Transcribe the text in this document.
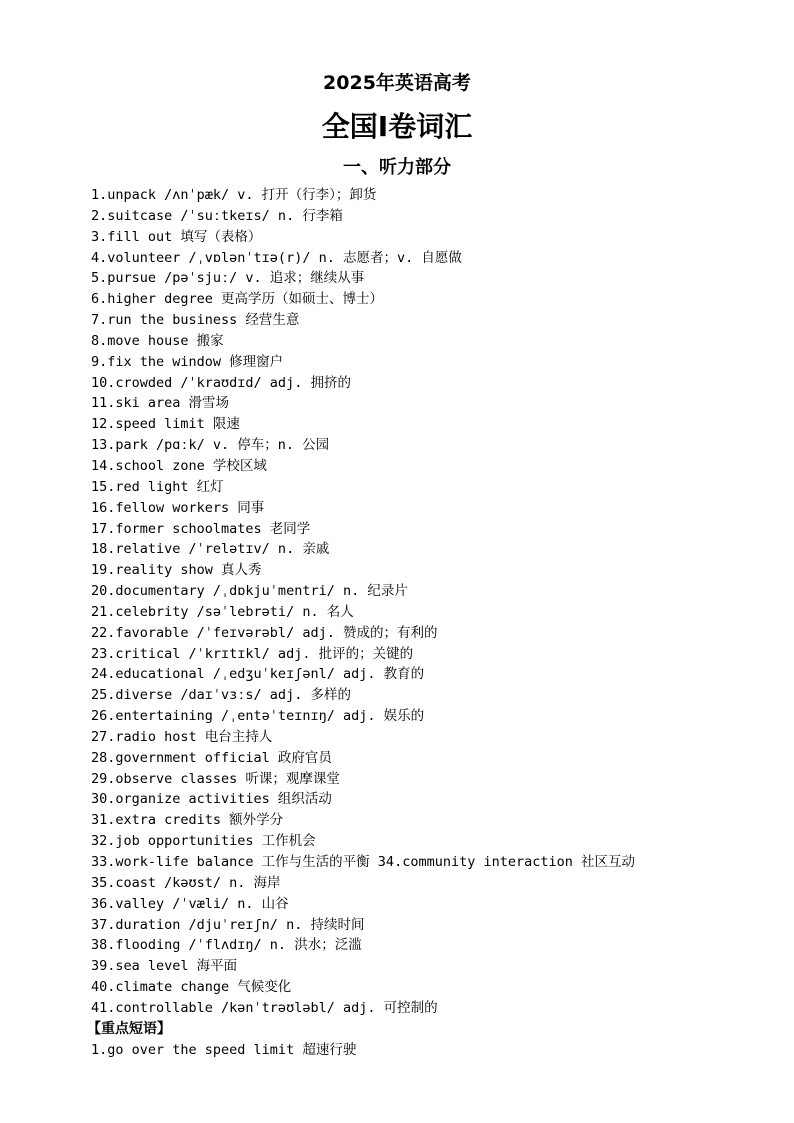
2025年英语高考
全国Ⅰ卷词汇
一、听力部分
1.unpack /ʌnˈpæk/ v. 打开（行李）；卸货
2.suitcase /ˈsuːtkeɪs/ n. 行李箱
3.fill out 填写（表格）
4.volunteer /ˌvɒlənˈtɪə(r)/ n. 志愿者；v. 自愿做
5.pursue /pəˈsjuː/ v. 追求；继续从事
6.higher degree 更高学历（如硕士、博士）
7.run the business 经营生意
8.move house 搬家
9.fix the window 修理窗户
10.crowded /ˈkraʊdɪd/ adj. 拥挤的
11.ski area 滑雪场
12.speed limit 限速
13.park /pɑːk/ v. 停车；n. 公园
14.school zone 学校区域
15.red light 红灯
16.fellow workers 同事
17.former schoolmates 老同学
18.relative /ˈrelətɪv/ n. 亲戚
19.reality show 真人秀
20.documentary /ˌdɒkjuˈmentri/ n. 纪录片
21.celebrity /səˈlebrəti/ n. 名人
22.favorable /ˈfeɪvərəbl/ adj. 赞成的；有利的
23.critical /ˈkrɪtɪkl/ adj. 批评的；关键的
24.educational /ˌedʒuˈkeɪʃənl/ adj. 教育的
25.diverse /daɪˈvɜːs/ adj. 多样的
26.entertaining /ˌentəˈteɪnɪŋ/ adj. 娱乐的
27.radio host 电台主持人
28.government official 政府官员
29.observe classes 听课；观摩课堂
30.organize activities 组织活动
31.extra credits 额外学分
32.job opportunities 工作机会
33.work-life balance 工作与生活的平衡 34.community interaction 社区互动
35.coast /kəʊst/ n. 海岸
36.valley /ˈvæli/ n. 山谷
37.duration /djuˈreɪʃn/ n. 持续时间
38.flooding /ˈflʌdɪŋ/ n. 洪水；泛滥
39.sea level 海平面
40.climate change 气候变化
41.controllable /kənˈtrəʊləbl/ adj. 可控制的
【重点短语】
1.go over the speed limit 超速行驶
